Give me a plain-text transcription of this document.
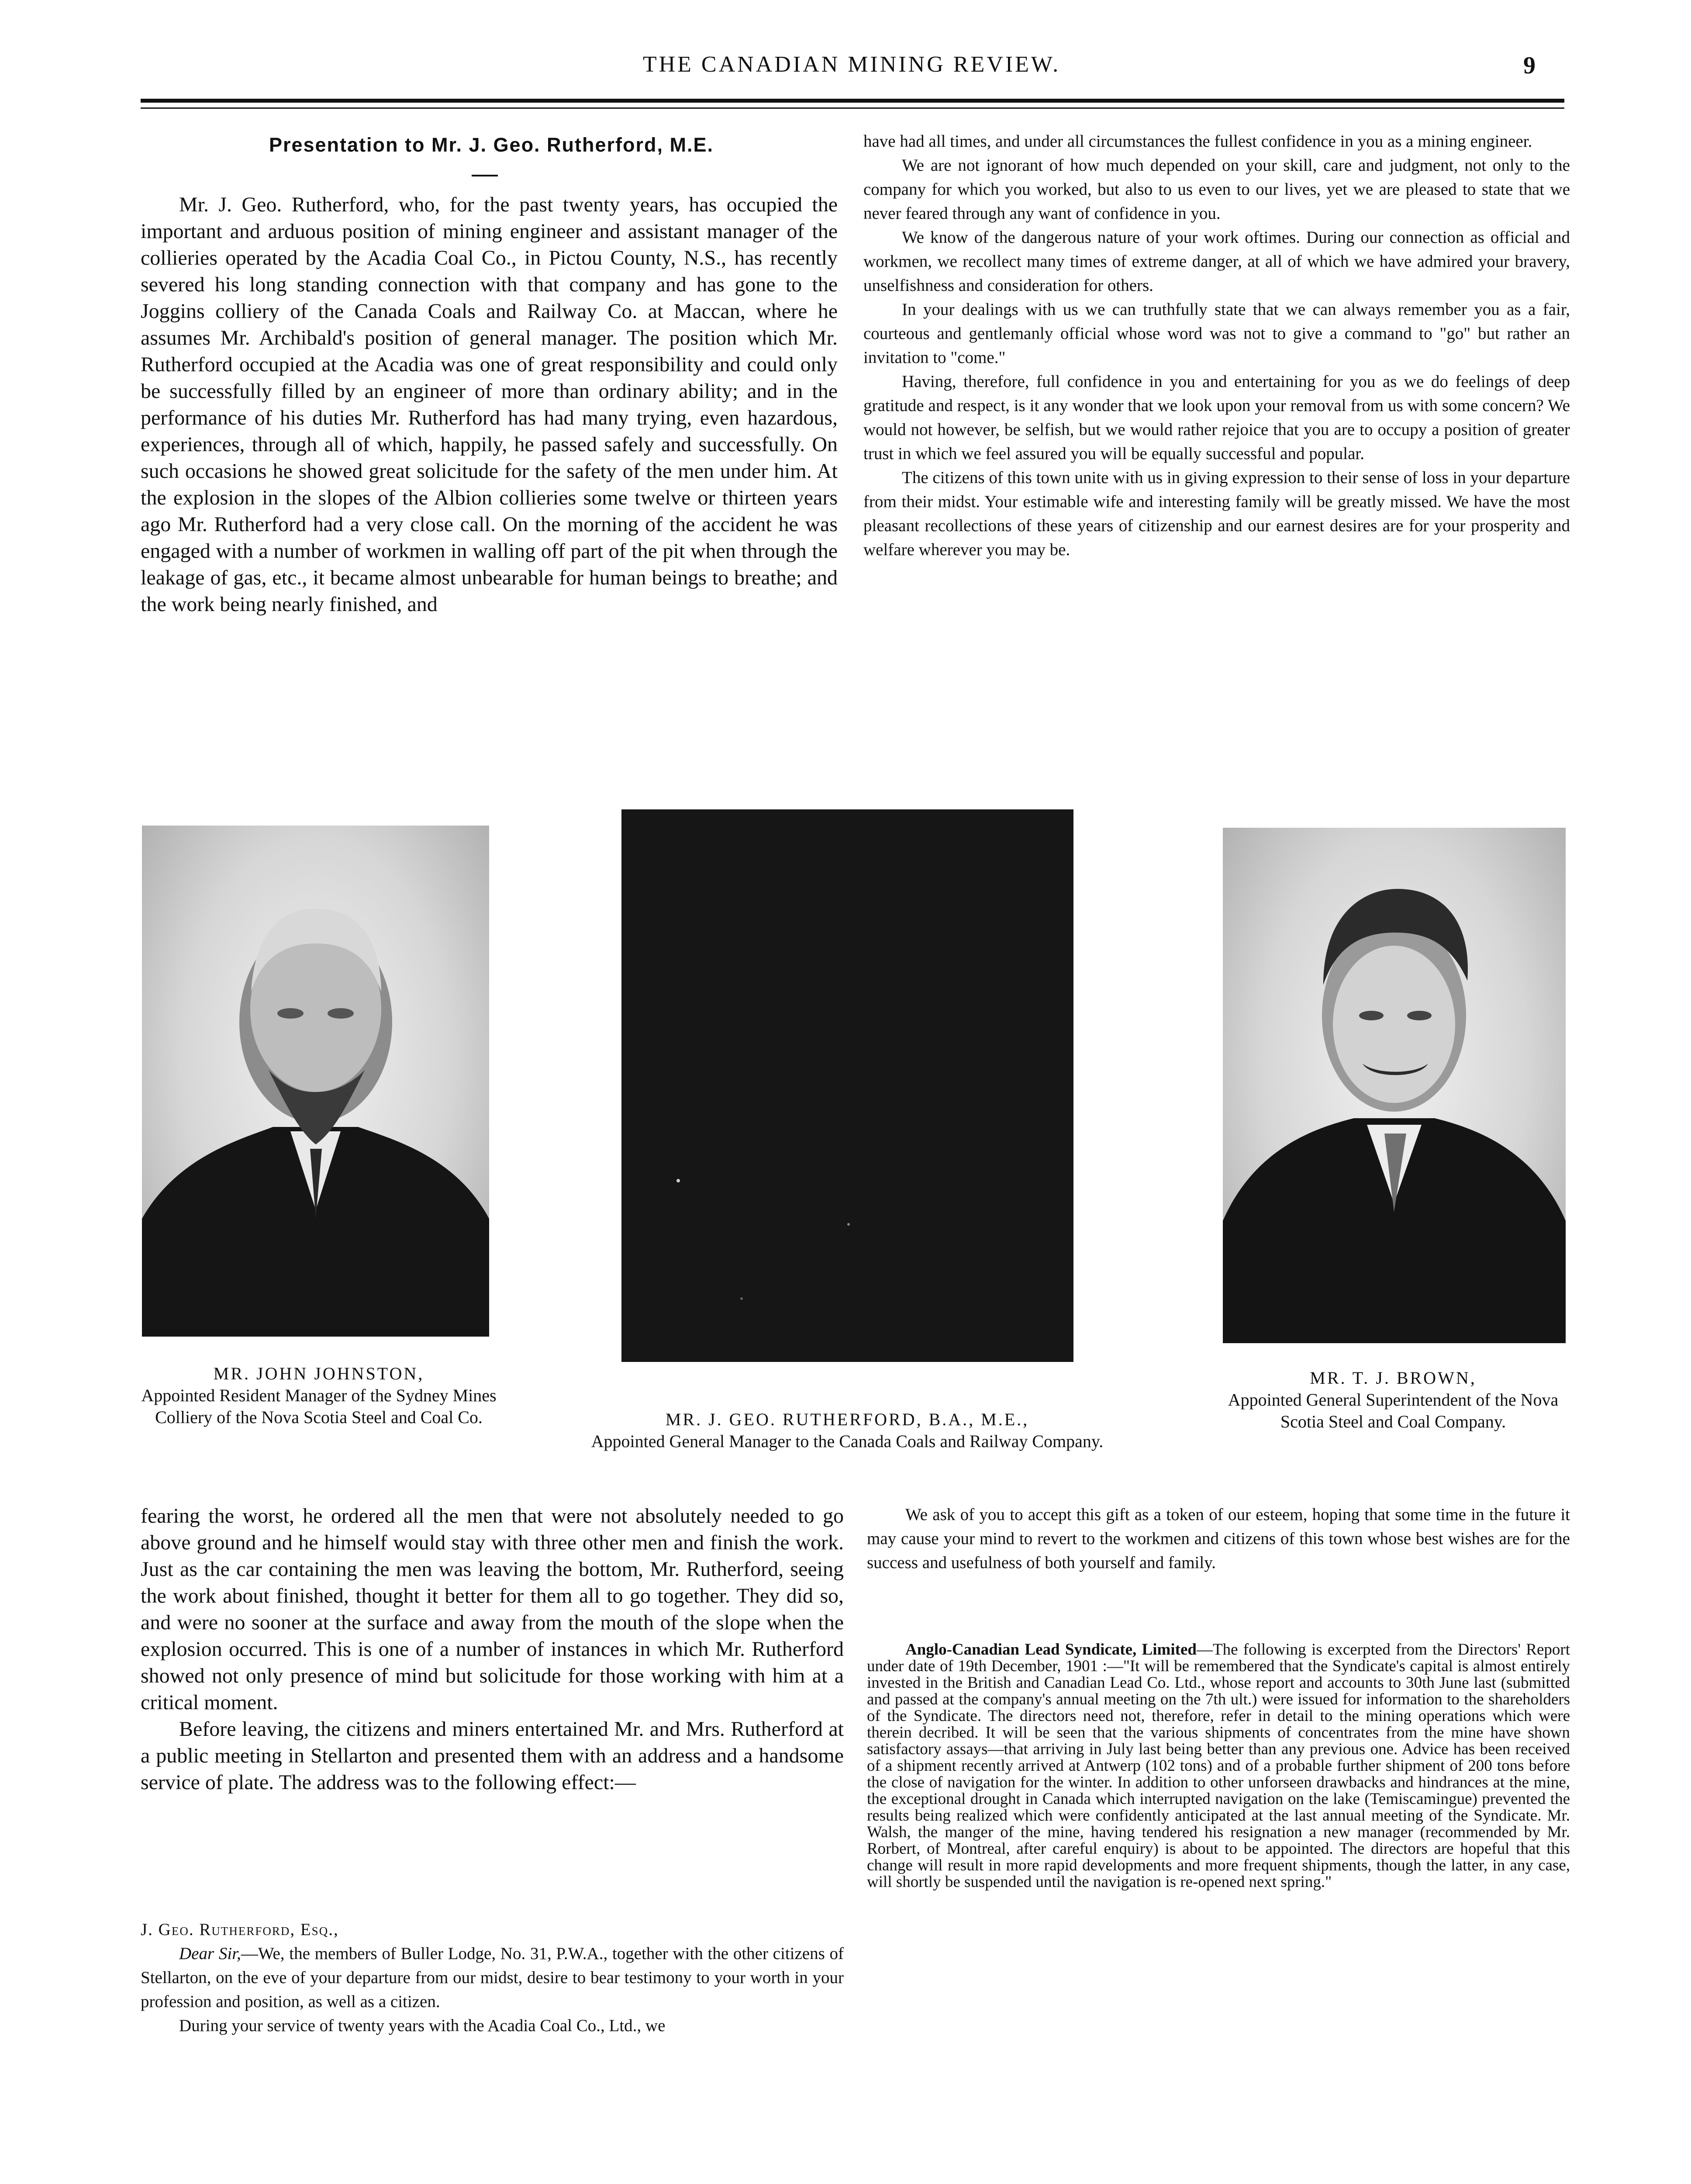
THE CANADIAN MINING REVIEW.	9
Presentation to Mr. J. Geo. Rutherford, M.E.

Mr. J. Geo. Rutherford, who, for the past twenty years, has occupied the important and arduous position of mining engineer and assistant manager of the collieries operated by the Acadia Coal Co., in Pictou County, N.S., has recently severed his long standing connection with that company and has gone to the Joggins colliery of the Canada Coals and Railway Co. at Maccan, where he assumes Mr. Archibald's position of general manager. The position which Mr. Rutherford occupied at the Acadia was one of great responsibility and could only be successfully filled by an engineer of more than ordinary ability; and in the performance of his duties Mr. Rutherford has had many trying, even hazardous, experiences, through all of which, happily, he passed safely and successfully. On such occasions he showed great solicitude for the safety of the men under him. At the explosion in the slopes of the Albion collieries some twelve or thirteen years ago Mr. Rutherford had a very close call. On the morning of the accident he was engaged with a number of workmen in walling off part of the pit when through the leakage of gas, etc., it became almost unbearable for human beings to breathe; and the work being nearly finished, and

have had all times, and under all circumstances the fullest confidence in you as a mining engineer.

We are not ignorant of how much depended on your skill, care and judgment, not only to the company for which you worked, but also to us even to our lives, yet we are pleased to state that we never feared through any want of confidence in you.

We know of the dangerous nature of your work oftimes. During our connection as official and workmen, we recollect many times of extreme danger, at all of which we have admired your bravery, unselfishness and consideration for others.

In your dealings with us we can truthfully state that we can always remember you as a fair, courteous and gentlemanly official whose word was not to give a command to "go" but rather an invitation to "come."

Having, therefore, full confidence in you and entertaining for you as we do feelings of deep gratitude and respect, is it any wonder that we look upon your removal from us with some concern? We would not however, be selfish, but we would rather rejoice that you are to occupy a position of greater trust in which we feel assured you will be equally successful and popular.

The citizens of this town unite with us in giving expression to their sense of loss in your departure from their midst. Your estimable wife and interesting family will be greatly missed. We have the most pleasant recollections of these years of citizenship and our earnest desires are for your prosperity and welfare wherever you may be.

MR. JOHN JOHNSTON,
Appointed Resident Manager of the Sydney Mines Colliery of the Nova Scotia Steel and Coal Co.	MR. J. GEO. RUTHERFORD, B.A., M.E.,
Appointed General Manager to the Canada Coals and Railway Company.
MR. T. J. BROWN,
Appointed General Superintendent of the Nova Scotia Steel and Coal Company.

fearing the worst, he ordered all the men that were not absolutely needed to go above ground and he himself would stay with three other men and finish the work. Just as the car containing the men was leaving the bottom, Mr. Rutherford, seeing the work about finished, thought it better for them all to go together. They did so, and were no sooner at the surface and away from the mouth of the slope when the explosion occurred. This is one of a number of instances in which Mr. Rutherford showed not only presence of mind but solicitude for those working with him at a critical moment.

Before leaving, the citizens and miners entertained Mr. and Mrs. Rutherford at a public meeting in Stellarton and presented them with an address and a handsome service of plate. The address was to the following effect:—

J. Geo. Rutherford, Esq.,

Dear Sir,—We, the members of Buller Lodge, No. 31, P.W.A., together with the other citizens of Stellarton, on the eve of your departure from our midst, desire to bear testimony to your worth in your profession and position, as well as a citizen.

During your service of twenty years with the Acadia Coal Co., Ltd., we

We ask of you to accept this gift as a token of our esteem, hoping that some time in the future it may cause your mind to revert to the workmen and citizens of this town whose best wishes are for the success and usefulness of both yourself and family.

Anglo-Canadian Lead Syndicate, Limited—The following is excerpted from the Directors' Report under date of 19th December, 1901 :—"It will be remembered that the Syndicate's capital is almost entirely invested in the British and Canadian Lead Co. Ltd., whose report and accounts to 30th June last (submitted and passed at the company's annual meeting on the 7th ult.) were issued for information to the shareholders of the Syndicate. The directors need not, therefore, refer in detail to the mining operations which were therein decribed. It will be seen that the various shipments of concentrates from the mine have shown satisfactory assays—that arriving in July last being better than any previous one. Advice has been received of a shipment recently arrived at Antwerp (102 tons) and of a probable further shipment of 200 tons before the close of navigation for the winter. In addition to other unforseen drawbacks and hindrances at the mine, the exceptional drought in Canada which interrupted navigation on the lake (Temiscamingue) prevented the results being realized which were confidently anticipated at the last annual meeting of the Syndicate. Mr. Walsh, the manger of the mine, having tendered his resignation a new manager (recommended by Mr. Rorbert, of Montreal, after careful enquiry) is about to be appointed. The directors are hopeful that this change will result in more rapid developments and more frequent shipments, though the latter, in any case, will shortly be suspended until the navigation is re-opened next spring."
